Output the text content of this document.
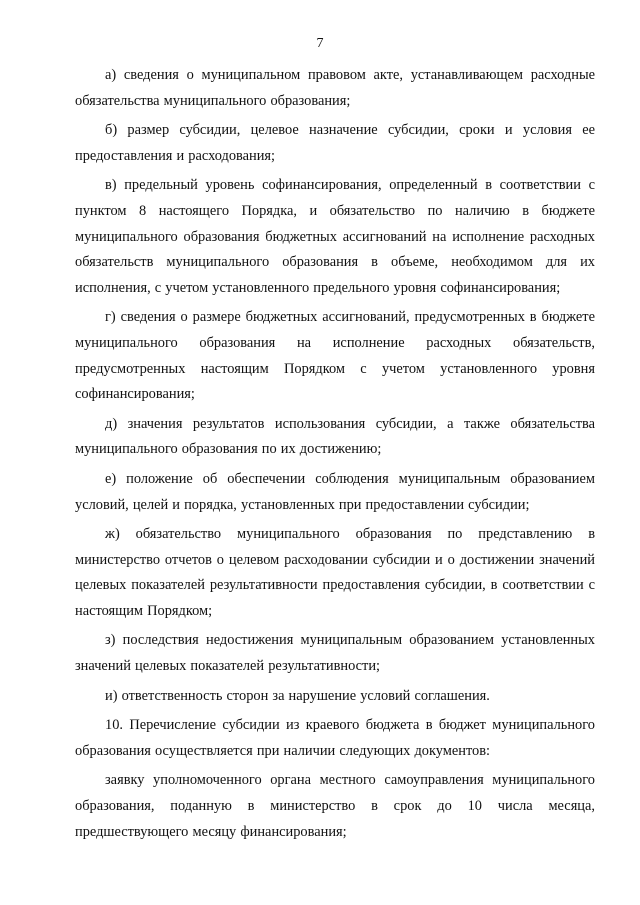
7

а) сведения о муниципальном правовом акте, устанавливающем расходные обязательства муниципального образования;

б) размер субсидии, целевое назначение субсидии, сроки и условия ее предоставления и расходования;

в) предельный уровень софинансирования, определенный в соответствии с пунктом 8 настоящего Порядка, и обязательство по наличию в бюджете муниципального образования бюджетных ассигнований на исполнение расходных обязательств муниципального образования в объеме, необходимом для их исполнения, с учетом установленного предельного уровня софинансирования;

г) сведения о размере бюджетных ассигнований, предусмотренных в бюджете муниципального образования на исполнение расходных обязательств, предусмотренных настоящим Порядком с учетом установленного уровня софинансирования;

д) значения результатов использования субсидии, а также обязательства муниципального образования по их достижению;

е) положение об обеспечении соблюдения муниципальным образованием условий, целей и порядка, установленных при предоставлении субсидии;

ж) обязательство муниципального образования по представлению в министерство отчетов о целевом расходовании субсидии и о достижении значений целевых показателей результативности предоставления субсидии, в соответствии с настоящим Порядком;

з) последствия недостижения муниципальным образованием установленных значений целевых показателей результативности;

и) ответственность сторон за нарушение условий соглашения.

10. Перечисление субсидии из краевого бюджета в бюджет муниципального образования осуществляется при наличии следующих документов:

заявку уполномоченного органа местного самоуправления муниципального образования, поданную в министерство в срок до 10 числа месяца, предшествующего месяцу финансирования;
